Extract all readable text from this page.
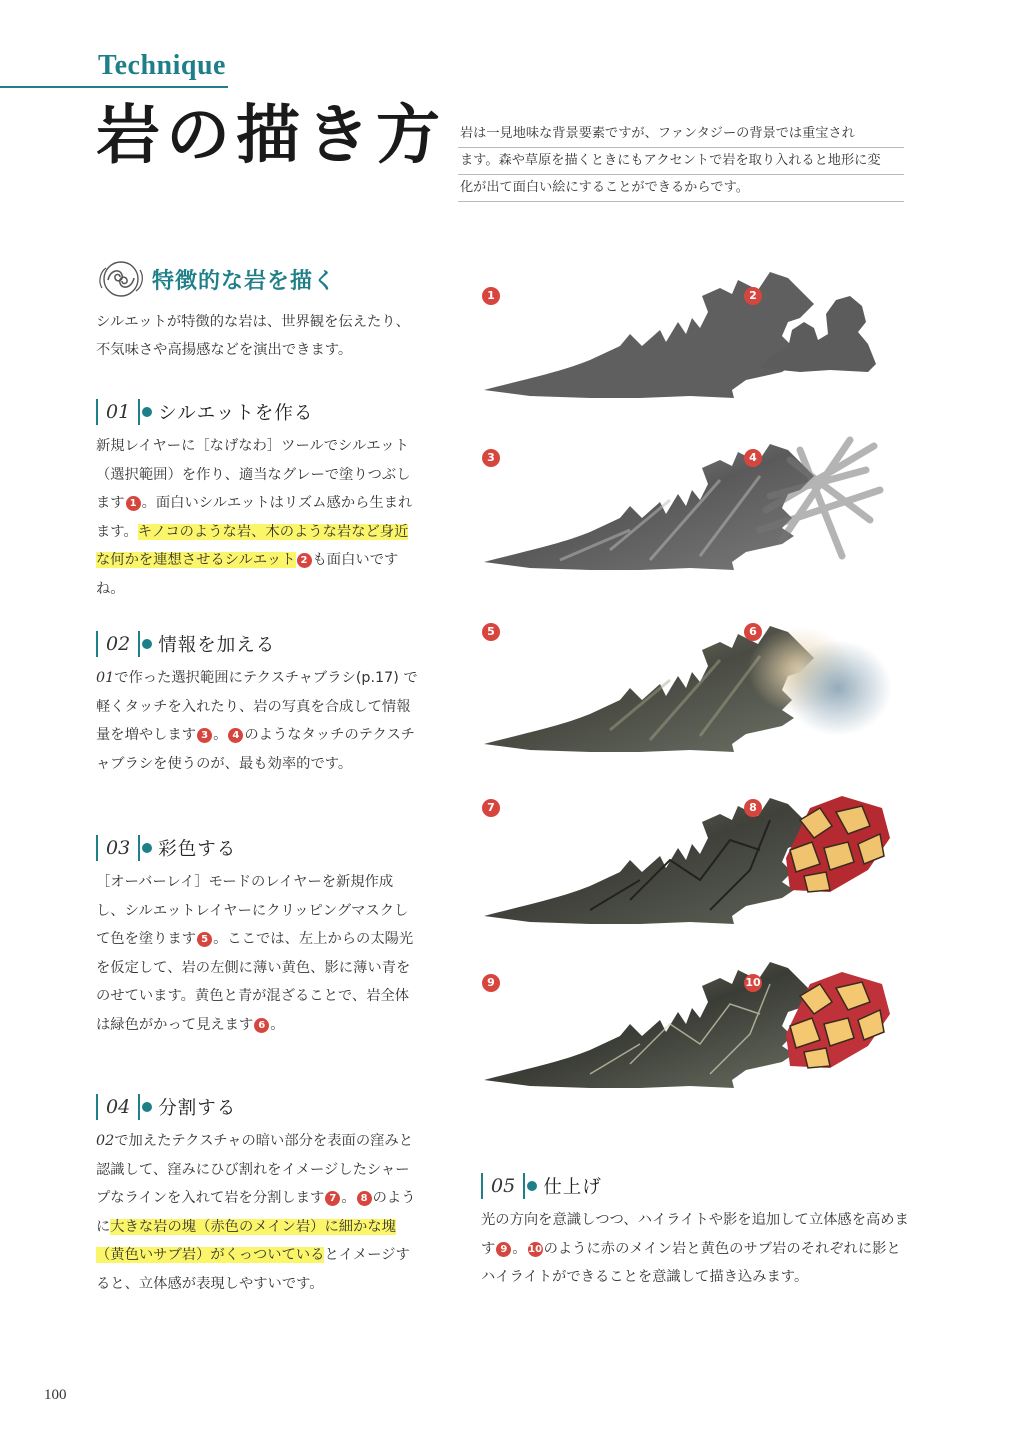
Technique
岩の描き方 岩は一見地味な背景要素ですが、ファンタジーの背景では重宝され
ます。森や草原を描くときにもアクセントで岩を取り入れると地形に変
化が出て面白い絵にすることができるからです。
特徴的な岩を描く
シルエットが特徴的な岩は、世界観を伝えたり、不気味さや高揚感などを演出できます。
01	シルエットを作る
新規レイヤーに［なげなわ］ツールでシルエット（選択範囲）を作り、適当なグレーで塗りつぶします 1 。面白いシルエットはリズム感から生まれます。キノコのような岩、木のような岩など身近な何かを連想させるシルエット 2 も面白いですね。
02	情報を加える
01で作った選択範囲にテクスチャブラシ(p.17) で軽くタッチを入れたり、岩の写真を合成して情報量を増やします 3 。 4 のようなタッチのテクスチャブラシを使うのが、最も効率的です。
03	彩色する
［オーバーレイ］モードのレイヤーを新規作成し、シルエットレイヤーにクリッピングマスクして色を塗ります 5 。ここでは、左上からの太陽光を仮定して、岩の左側に薄い黄色、影に薄い青をのせています。黄色と青が混ざることで、岩全体は緑色がかって見えます 6 。
04	分割する
02で加えたテクスチャの暗い部分を表面の窪みと認識して、窪みにひび割れをイメージしたシャープなラインを入れて岩を分割します 7 。 8 のように大きな岩の塊（赤色のメイン岩）に細かな塊（黄色いサブ岩）がくっついているとイメージすると、立体感が表現しやすいです。
05	仕上げ
光の方向を意識しつつ、ハイライトや影を追加して立体感を高めます 9 。 10 のように赤のメイン岩と黄色のサブ岩のそれぞれに影とハイライトができることを意識して描き込みます。
1	2
3	4
5	6
7	8
9	10
100
